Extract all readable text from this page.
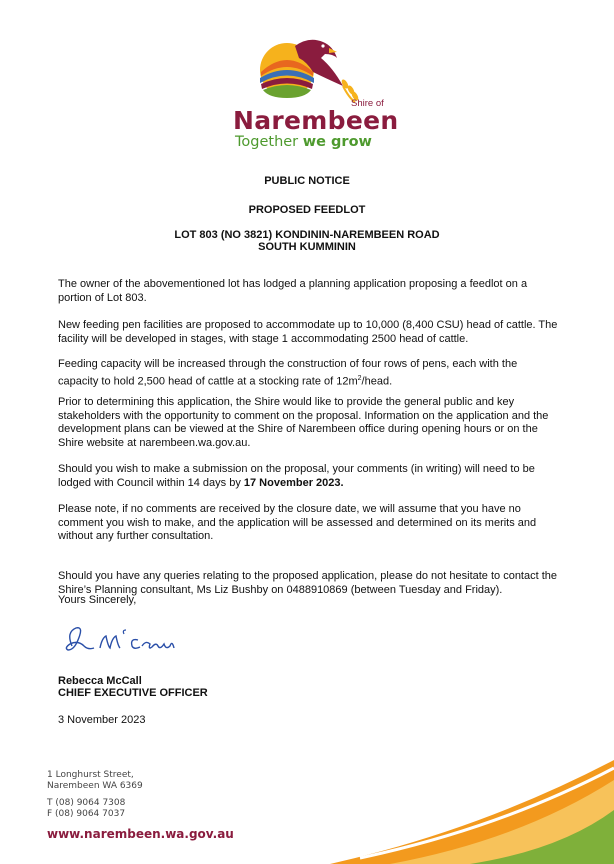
Shire of
Narembeen
Together we grow
PUBLIC NOTICE
PROPOSED FEEDLOT
LOT 803 (NO 3821) KONDININ-NAREMBEEN ROAD
SOUTH KUMMININ

The owner of the abovementioned lot has lodged a planning application proposing a feedlot on a portion of Lot 803.

New feeding pen facilities are proposed to accommodate up to 10,000 (8,400 CSU) head of cattle. The facility will be developed in stages, with stage 1 accommodating 2500 head of cattle.

Feeding capacity will be increased through the construction of four rows of pens, each with the capacity to hold 2,500 head of cattle at a stocking rate of $12m^2$/head.

Prior to determining this application, the Shire would like to provide the general public and key stakeholders with the opportunity to comment on the proposal. Information on the application and the development plans can be viewed at the Shire of Narembeen office during opening hours or on the Shire website at narembeen.wa.gov.au.

Should you wish to make a submission on the proposal, your comments (in writing) will need to be lodged with Council within 14 days by 17 November 2023.

Please note, if no comments are received by the closure date, we will assume that you have no comment you wish to make, and the application will be assessed and determined on its merits and without any further consultation.

Should you have any queries relating to the proposed application, please do not hesitate to contact the Shire’s Planning consultant, Ms Liz Bushby on 0488910869 (between Tuesday and Friday).

Yours Sincerely,

Rebecca McCall
CHIEF EXECUTIVE OFFICER
3 November 2023
1 Longhurst Street,
Narembeen WA 6369
T (08) 9064 7308
F (08) 9064 7037
www.narembeen.wa.gov.au
